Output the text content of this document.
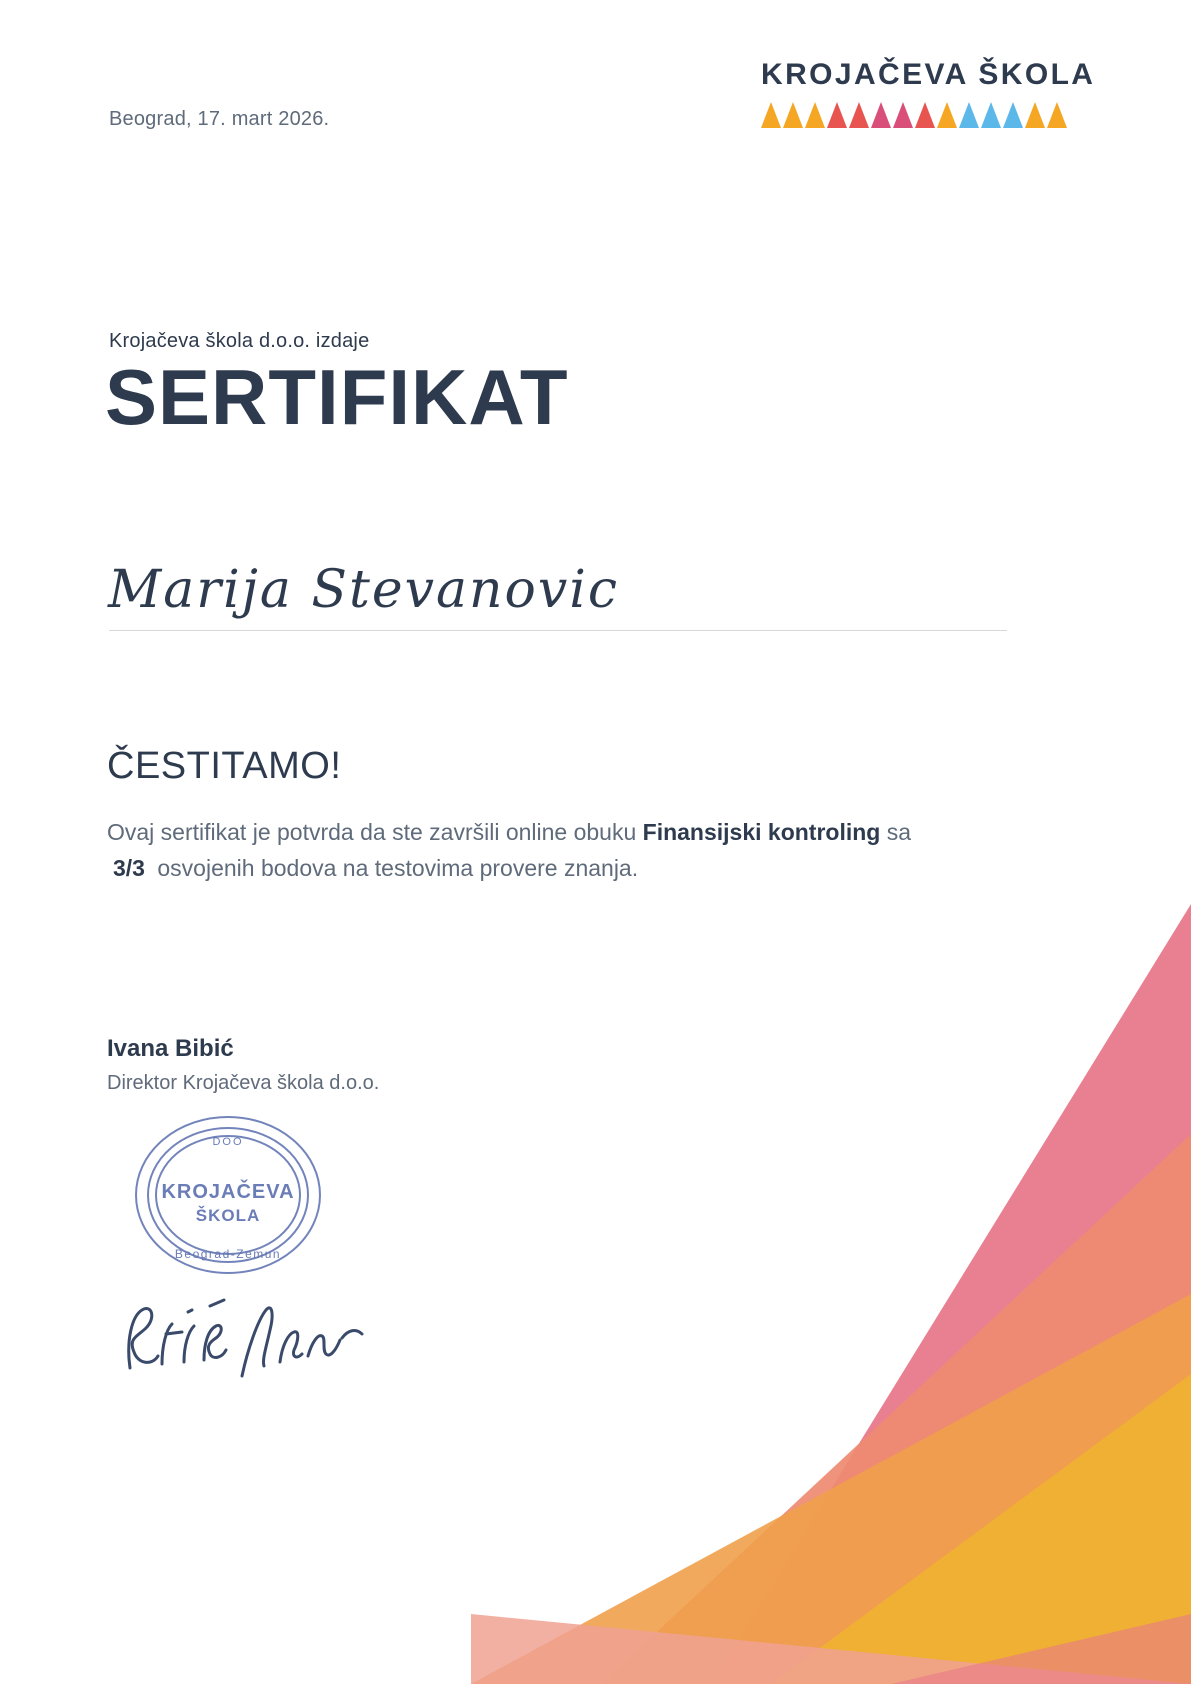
Beograd, 17. mart 2026.
KROJAČEVA ŠKOLA
Krojačeva škola d.o.o. izdaje
SERTIFIKAT
Marija Stevanovic
ČESTITAMO!
Ovaj sertifikat je potvrda da ste završili online obuku Finansijski kontroling sa 3/3 osvojenih bodova na testovima provere znanja.
Ivana Bibić
Direktor Krojačeva škola d.o.o.
DOO
KROJAČEVA
ŠKOLA
Beograd-Zemun
